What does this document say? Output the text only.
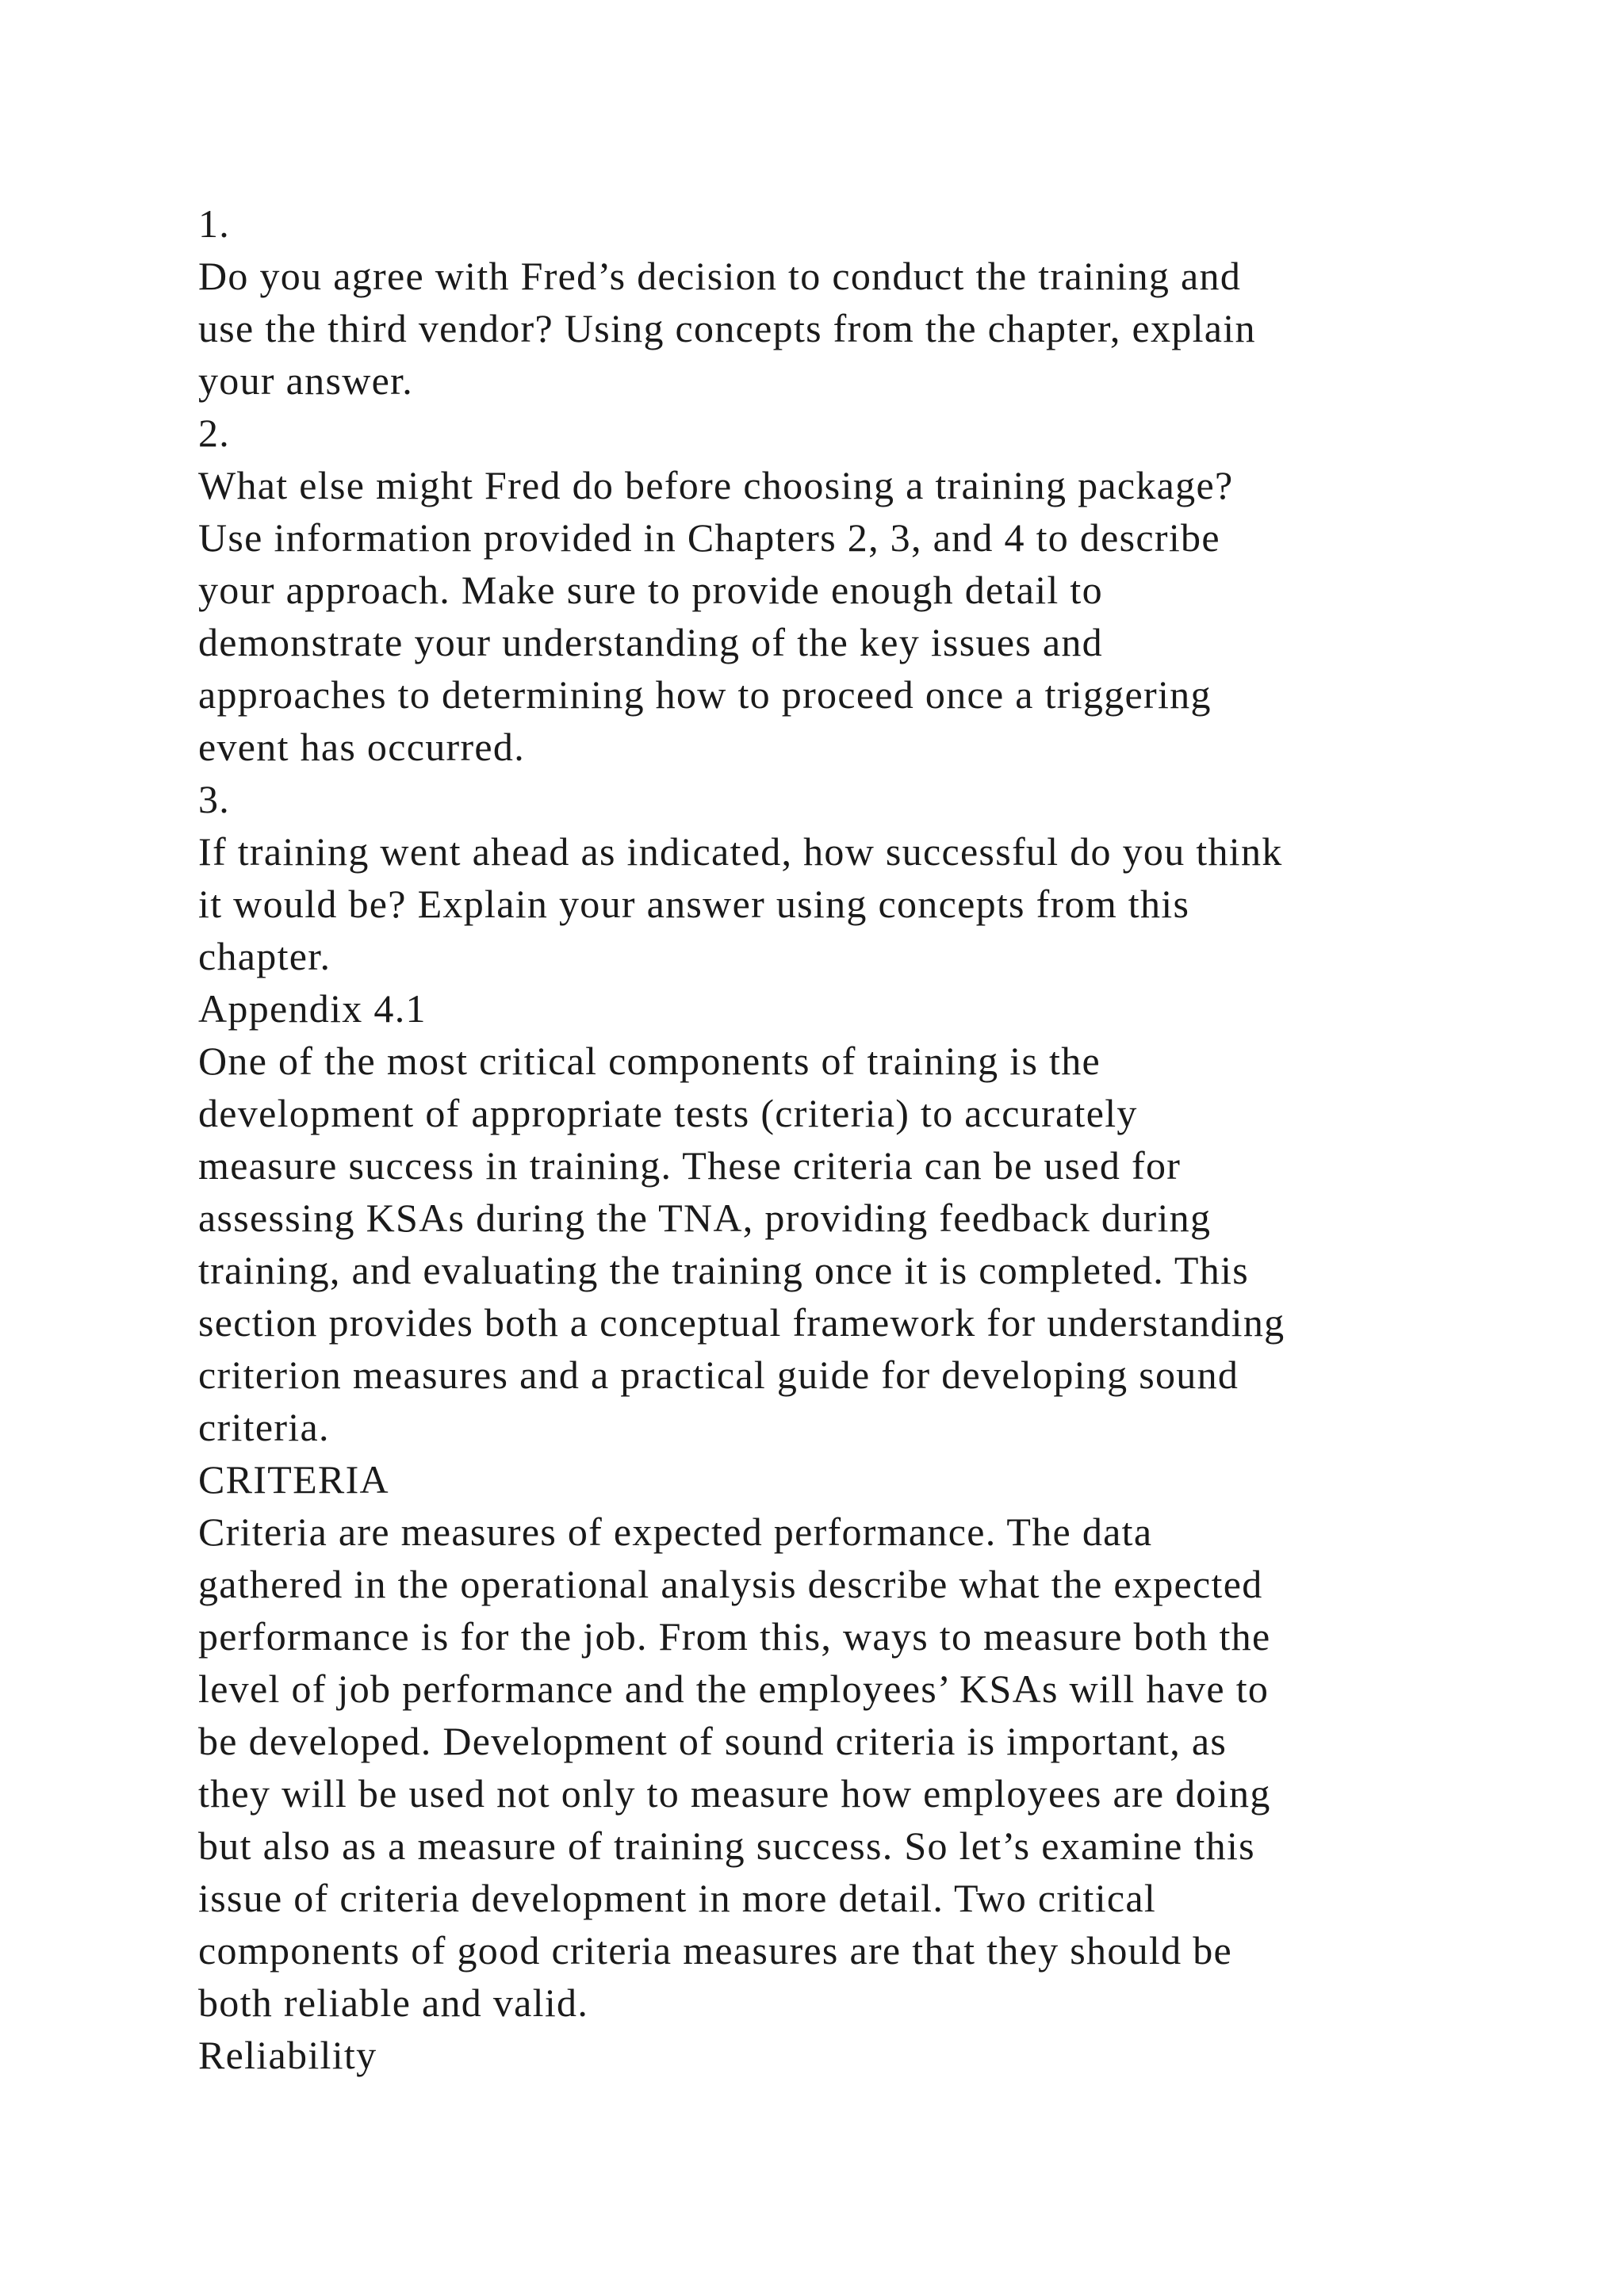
1.
Do you agree with Fred’s decision to conduct the training and
use the third vendor? Using concepts from the chapter, explain
your answer.
2.
What else might Fred do before choosing a training package?
Use information provided in Chapters 2, 3, and 4 to describe
your approach. Make sure to provide enough detail to
demonstrate your understanding of the key issues and
approaches to determining how to proceed once a triggering
event has occurred.
3.
If training went ahead as indicated, how successful do you think
it would be? Explain your answer using concepts from this
chapter.
Appendix 4.1
One of the most critical components of training is the
development of appropriate tests (criteria) to accurately
measure success in training. These criteria can be used for
assessing KSAs during the TNA, providing feedback during
training, and evaluating the training once it is completed. This
section provides both a conceptual framework for understanding
criterion measures and a practical guide for developing sound
criteria.
CRITERIA
Criteria are measures of expected performance. The data
gathered in the operational analysis describe what the expected
performance is for the job. From this, ways to measure both the
level of job performance and the employees’ KSAs will have to
be developed. Development of sound criteria is important, as
they will be used not only to measure how employees are doing
but also as a measure of training success. So let’s examine this
issue of criteria development in more detail. Two critical
components of good criteria measures are that they should be
both reliable and valid.
Reliability
